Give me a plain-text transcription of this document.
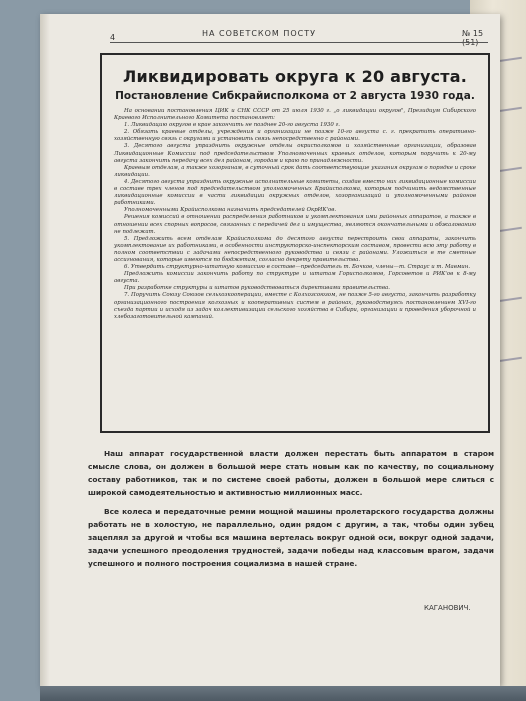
4	НА СОВЕТСКОМ ПОСТУ	№ 15
Ликвидировать округа к 20 августа.
Постановление Сибкрайисполкома от 2 августа 1930 года.

На основании постановления ЦИК и СНК СССР от 25 июля 1930 г. „о ликвидации округов", Президиум Сибирского Краевого Исполнительного Комитета постановляет:

1. Ликвидацию округов в крае закончить не позднее 20-го августа 1930 г.

2. Обязать краевые отделы, учреждения и организации не позже 10-го августа с. г. прекратить оперативно-хозяйственную связь с округами и установить связь непосредственно с районами.

3. Десятого августа упразднить окружные отделы окрисполкомов и хозяйственные организации, образовав Ликвидационные Комиссии под председательством Уполномоченных краевых отделов, которым поручить к 20-му августа закончить передачу всех дел районам, городам и краю по принадлежности.

Краевым отделам, а также хозорганам, в суточный срок дать соответствующие указания округам о порядке и сроке ликвидации.

4. Десятого августа упразднить окружные исполнительные комитеты, создав вместо них ликвидационные комиссии в составе трех членов под председательством уполномоченных Крайисполкома, которым подчинить ведомственные ликвидационные комиссии в части ликвидации окружных отделов, хозорганизаций и уполномоченными районов работниками.

Уполномоченными Крайисполкома назначить председателей ОкрИК'ов.

Решения комиссий в отношении распределения работников и укомплектования ими районных аппаратов, а также в отношении всех спорных вопросов, связанных с передачей дел и имущества, являются окончательными и обжалованию не подлежат.

5. Предложить всем отделам Крайисполкома до десятого августа перестроить свои аппараты, закончить укомплектование их работниками, в особенности инструкторско-инспекторским составом, провести всю эту работу в полном соответствии с задачами непосредственного руководства и связи с районами. Уложиться в те сметные ассигнования, которые имеются по бюджетам, согласно декрету правительства.

6. Утвердить структурно-штатную комиссию в составе—председатель т. Бочков, члены—т. Страус и т. Мавмин.

Предложить комиссии закончить работу по структуре и штатам Горисполкомов, Горсоветов и РИК'ов к 8-му августа.

При разработке структуры и штатов руководствоваться директивами правительства.

7. Поручить Союзу Союзов сельхозкооперации, вместе с Колхозсоюзом, не позже 5-го августа, закончить разработку организационного построения колхозных и кооперативных систем в районах, руководствуясь постановлением XVI-го съезда партии и исходя из задач коллективизации сельского хозяйства в Сибири, организации и проведения уборочной и хлебозаготовительной кампаний.

Наш аппарат государственной власти должен перестать быть аппаратом в старом смысле слова, он должен в большой мере стать новым как по качеству, по социальному составу работников, так и по системе своей работы, должен в большой мере слиться с широкой самодеятельностью и активностью миллионных масс.

Все колеса и передаточные ремни мощной машины пролетарского государства должны работать не в холостую, не параллельно, один рядом с другим, а так, чтобы один зубец зацеплял за другой и чтобы вся машина вертелась вокруг одной оси, вокруг одной задачи, задачи успешного преодоления трудностей, задачи победы над классовым врагом, задачи успешного и полного построения социализма в нашей стране.

КАГАНОВИЧ.
